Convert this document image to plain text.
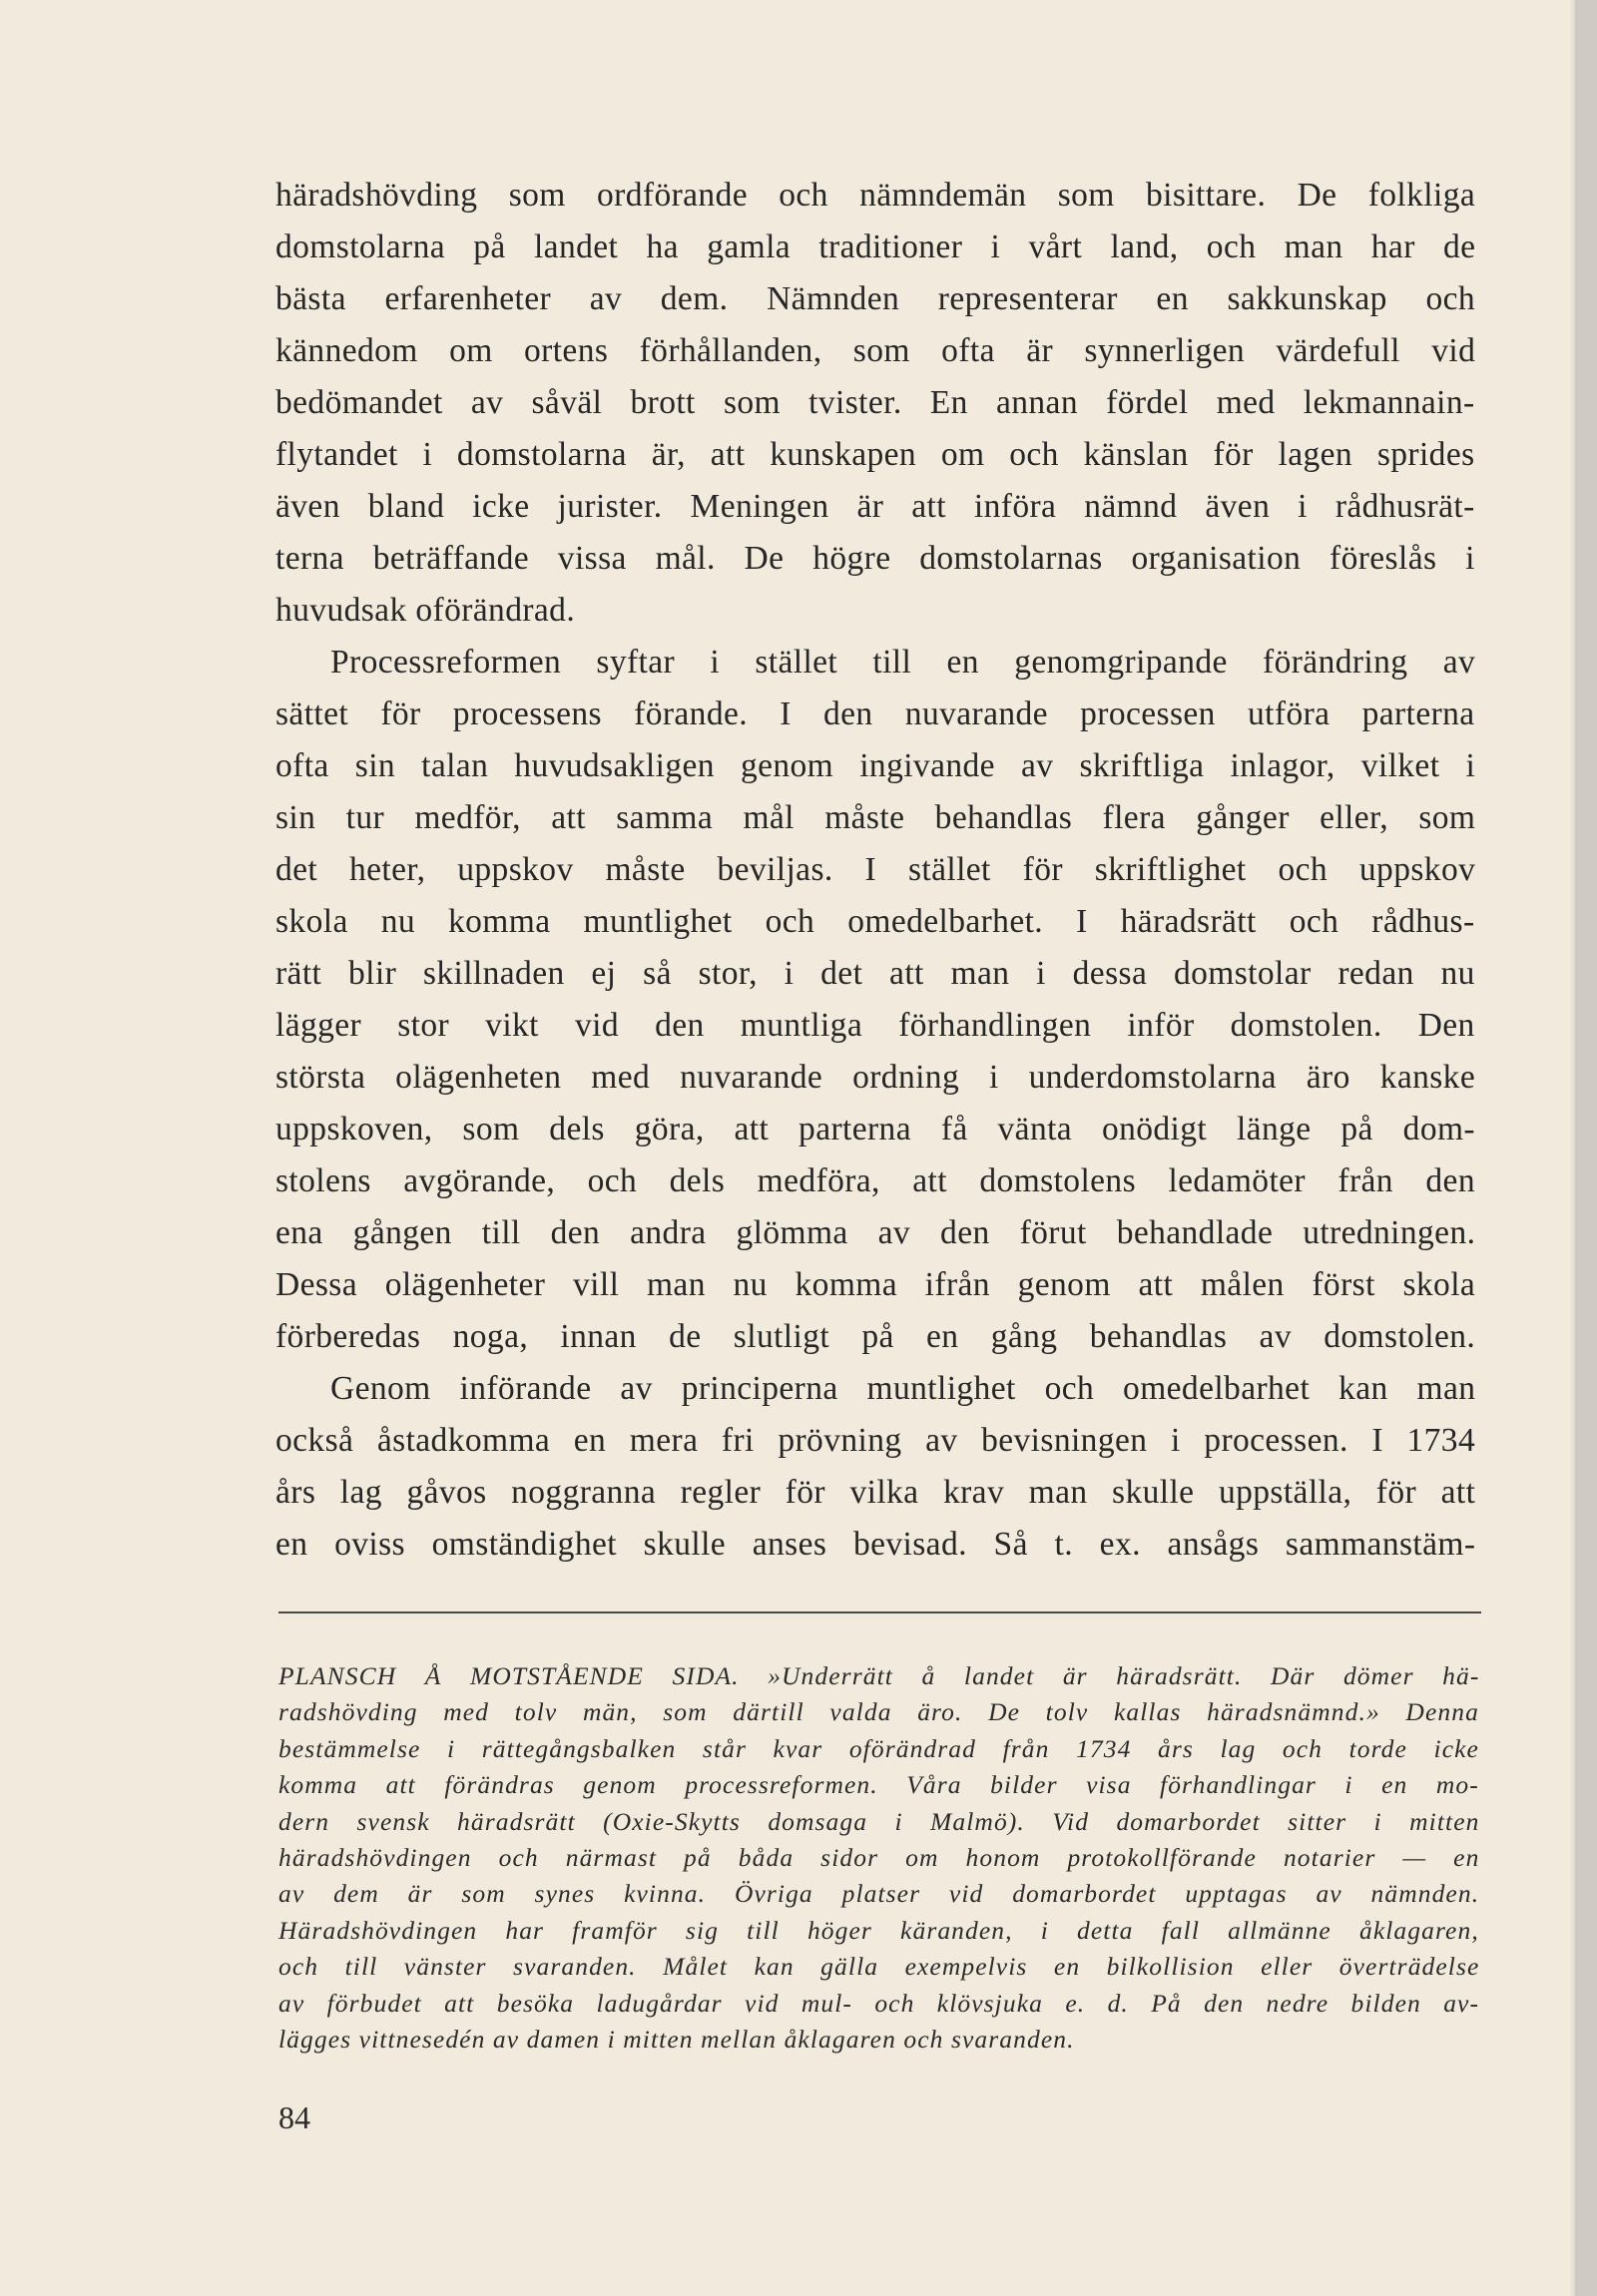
häradshövding som ordförande och nämndemän som bisittare. De folkliga
domstolarna på landet ha gamla traditioner i vårt land, och man har de
bästa erfarenheter av dem. Nämnden representerar en sakkunskap och
kännedom om ortens förhållanden, som ofta är synnerligen värdefull vid
bedömandet av såväl brott som tvister. En annan fördel med lekmannain-
flytandet i domstolarna är, att kunskapen om och känslan för lagen sprides
även bland icke jurister. Meningen är att införa nämnd även i rådhusrät-
terna beträffande vissa mål. De högre domstolarnas organisation föreslås i
huvudsak oförändrad.

Processreformen syftar i stället till en genomgripande förändring av
sättet för processens förande. I den nuvarande processen utföra parterna
ofta sin talan huvudsakligen genom ingivande av skriftliga inlagor, vilket i
sin tur medför, att samma mål måste behandlas flera gånger eller, som
det heter, uppskov måste beviljas. I stället för skriftlighet och uppskov
skola nu komma muntlighet och omedelbarhet. I häradsrätt och rådhus-
rätt blir skillnaden ej så stor, i det att man i dessa domstolar redan nu
lägger stor vikt vid den muntliga förhandlingen inför domstolen. Den
största olägenheten med nuvarande ordning i underdomstolarna äro kanske
uppskoven, som dels göra, att parterna få vänta onödigt länge på dom-
stolens avgörande, och dels medföra, att domstolens ledamöter från den
ena gången till den andra glömma av den förut behandlade utredningen.
Dessa olägenheter vill man nu komma ifrån genom att målen först skola
förberedas noga, innan de slutligt på en gång behandlas av domstolen.

Genom införande av principerna muntlighet och omedelbarhet kan man
också åstadkomma en mera fri prövning av bevisningen i processen. I 1734
års lag gåvos noggranna regler för vilka krav man skulle uppställa, för att
en oviss omständighet skulle anses bevisad. Så t. ex. ansågs sammanstäm-

PLANSCH Å MOTSTÅENDE SIDA. »Underrätt å landet är häradsrätt. Där dömer hä-
radshövding med tolv män, som därtill valda äro. De tolv kallas häradsnämnd.» Denna
bestämmelse i rättegångsbalken står kvar oförändrad från 1734 års lag och torde icke
komma att förändras genom processreformen. Våra bilder visa förhandlingar i en mo-
dern svensk häradsrätt (Oxie-Skytts domsaga i Malmö). Vid domarbordet sitter i mitten
häradshövdingen och närmast på båda sidor om honom protokollförande notarier — en
av dem är som synes kvinna. Övriga platser vid domarbordet upptagas av nämnden.
Häradshövdingen har framför sig till höger käranden, i detta fall allmänne åklagaren,
och till vänster svaranden. Målet kan gälla exempelvis en bilkollision eller överträdelse
av förbudet att besöka ladugårdar vid mul- och klövsjuka e. d. På den nedre bilden av-
lägges vittnesedén av damen i mitten mellan åklagaren och svaranden.
84
